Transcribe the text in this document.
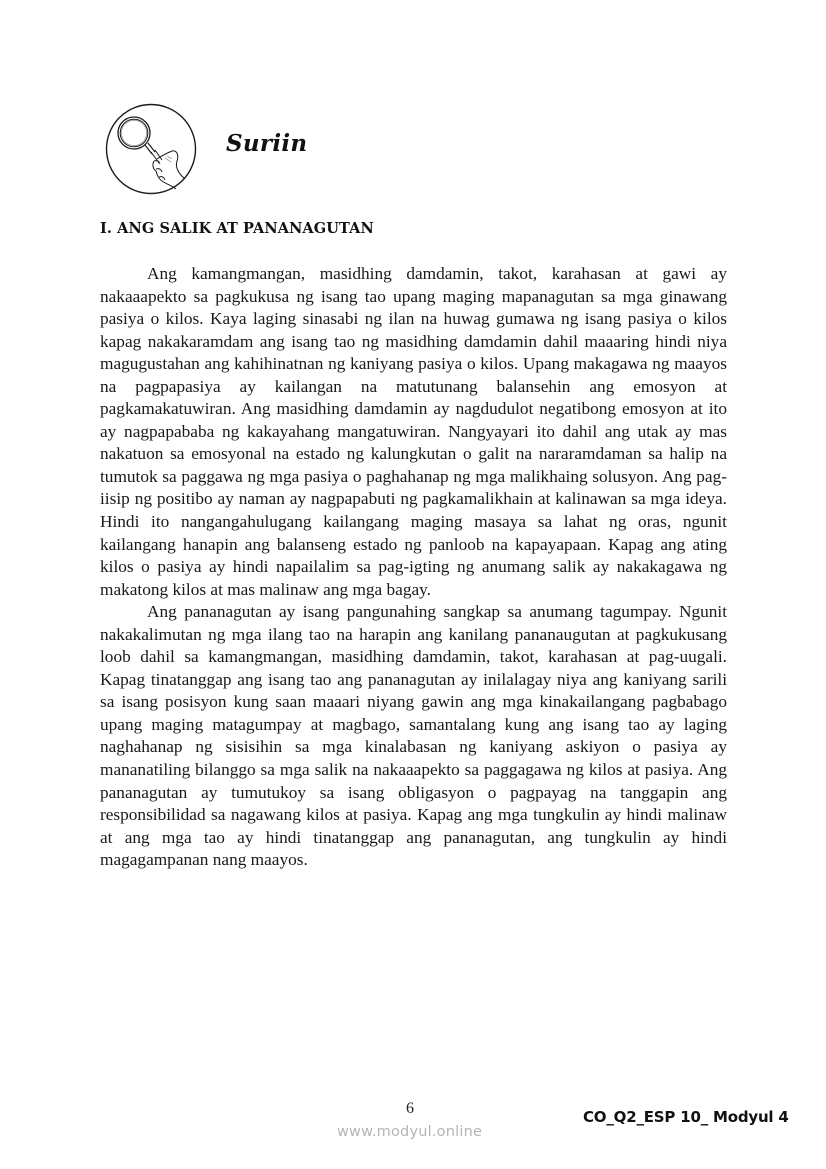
Suriin
I. ANG SALIK AT PANANAGUTAN

Ang kamangmangan, masidhing damdamin, takot, karahasan at gawi ay nakaaapekto sa pagkukusa ng isang tao upang maging mapanagutan sa mga ginawang pasiya o kilos. Kaya laging sinasabi ng ilan na huwag gumawa ng isang pasiya o kilos kapag nakakaramdam ang isang tao ng masidhing damdamin dahil maaaring hindi niya magugustahan ang kahihinatnan ng kaniyang pasiya o kilos. Upang makagawa ng maayos na pagpapasiya ay kailangan na matutunang balansehin ang emosyon at pagkamakatuwiran. Ang masidhing damdamin ay nagdudulot negatibong emosyon at ito ay nagpapababa ng kakayahang mangatuwiran. Nangyayari ito dahil ang utak ay mas nakatuon sa emosyonal na estado ng kalungkutan o galit na nararamdaman sa halip na tumutok sa paggawa ng mga pasiya o paghahanap ng mga malikhaing solusyon. Ang pag-iisip ng positibo ay naman ay nagpapabuti ng pagkamalikhain at kalinawan sa mga ideya. Hindi ito nangangahulugang kailangang maging masaya sa lahat ng oras, ngunit kailangang hanapin ang balanseng estado ng panloob na kapayapaan. Kapag ang ating kilos o pasiya ay hindi napailalim sa pag-igting ng anumang salik ay nakakagawa ng makatong kilos at mas malinaw ang mga bagay.

Ang pananagutan ay isang pangunahing sangkap sa anumang tagumpay. Ngunit nakakalimutan ng mga ilang tao na harapin ang kanilang pananaugutan at pagkukusang loob dahil sa kamangmangan, masidhing damdamin, takot, karahasan at pag-uugali. Kapag tinatanggap ang isang tao ang pananagutan ay inilalagay niya ang kaniyang sarili sa isang posisyon kung saan maaari niyang gawin ang mga kinakailangang pagbabago upang maging matagumpay at magbago, samantalang kung ang isang tao ay laging naghahanap ng sisisihin sa mga kinalabasan ng kaniyang askiyon o pasiya ay mananatiling bilanggo sa mga salik na nakaaapekto sa paggagawa ng kilos at pasiya. Ang pananagutan ay tumutukoy sa isang obligasyon o pagpayag na tanggapin ang responsibilidad sa nagawang kilos at pasiya. Kapag ang mga tungkulin ay hindi malinaw at ang mga tao ay hindi tinatanggap ang pananagutan, ang tungkulin ay hindi magagampanan nang maayos.

6	CO_Q2_ESP 10_ Modyul 4
www.modyul.online
